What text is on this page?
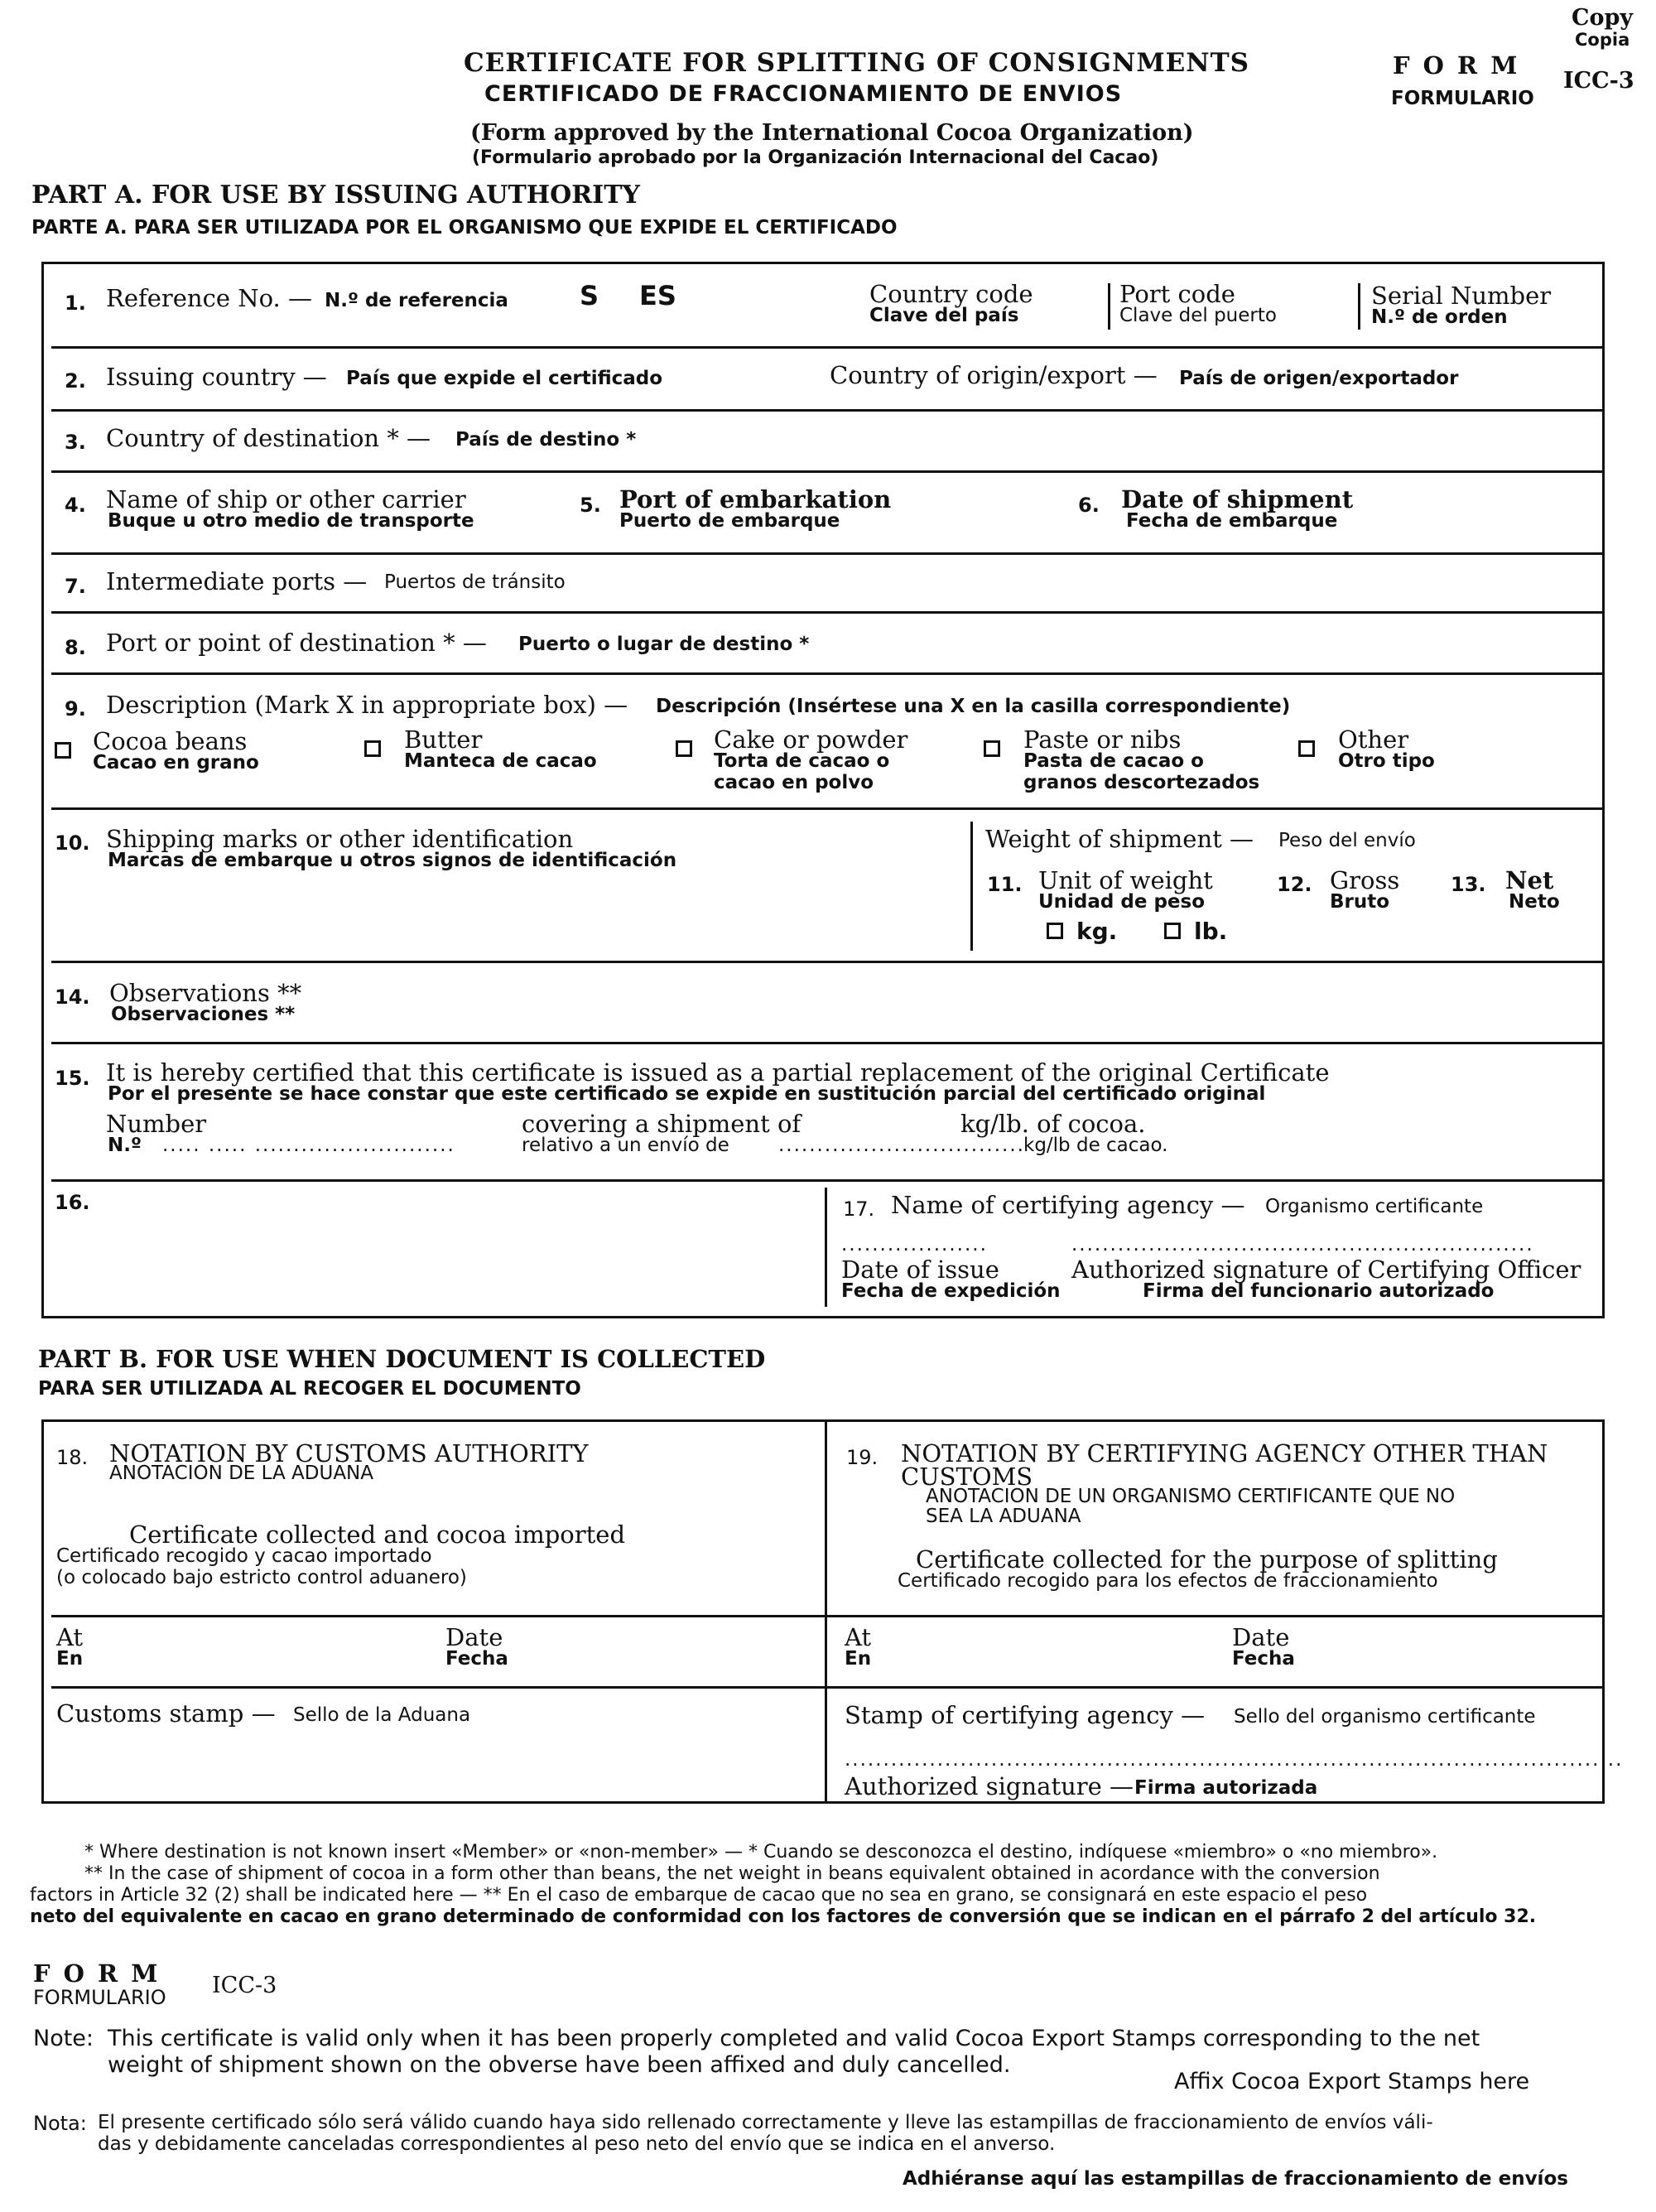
CERTIFICATE FOR SPLITTING OF CONSIGNMENTS
CERTIFICADO DE FRACCIONAMIENTO DE ENVIOS
(Form approved by the International Cocoa Organization)
(Formulario aprobado por la Organización Internacional del Cacao)
F O R M
FORMULARIO
ICC-3
Copy
Copia
PART A. FOR USE BY ISSUING AUTHORITY
PARTE A. PARA SER UTILIZADA POR EL ORGANISMO QUE EXPIDE EL CERTIFICADO
1. Reference No. — N.º de referencia	S ES	Country code
Clave del país
Port code
Clave del puerto
Serial Number
N.º de orden
2. Issuing country — País que expide el certificado	Country of origin/export — País de origen/exportador
3. Country of destination * — País de destino *
4. Name of ship or other carrier
Buque u otro medio de transporte
5. Port of embarkation
Puerto de embarque
6. Date of shipment
Fecha de embarque
7. Intermediate ports — Puertos de tránsito
8. Port or point of destination * — Puerto o lugar de destino *
9. Description (Mark X in appropriate box) — Descripción (Insértese una X en la casilla correspondiente)
Cocoa beans
Cacao en grano
Butter
Manteca de cacao
Cake or powder
Torta de cacao o
cacao en polvo
Paste or nibs
Pasta de cacao o
granos descortezados
Other
Otro tipo
10. Shipping marks or other identification
Marcas de embarque u otros signos de identificación
Weight of shipment — Peso del envío
11. Unit of weight
Unidad de peso
12. Gross
Bruto
13. Net
Neto
kg.	lb.
14. Observations **
Observaciones **
15. It is hereby certified that this certificate is issued as a partial replacement of the original Certificate
Por el presente se hace constar que este certificado se expide en sustitución parcial del certificado original
Number
N.º ..... ..... ..........................
covering a shipment of
relativo a un envío de	................................
kg/lb. of cocoa.
kg/lb de cacao.
16.	17. Name of certifying agency — Organismo certificante
...................	............................................................
Date of issue
Fecha de expedición
Authorized signature of Certifying Officer
Firma del funcionario autorizado
PART B. FOR USE WHEN DOCUMENT IS COLLECTED
PARA SER UTILIZADA AL RECOGER EL DOCUMENTO
18. NOTATION BY CUSTOMS AUTHORITY
ANOTACION DE LA ADUANA
Certificate collected and cocoa imported
Certificado recogido y cacao importado
(o colocado bajo estricto control aduanero)
At
En
Date
Fecha
Customs stamp — Sello de la Aduana
19. NOTATION BY CERTIFYING AGENCY OTHER THAN
CUSTOMS
ANOTACION DE UN ORGANISMO CERTIFICANTE QUE NO
SEA LA ADUANA
Certificate collected for the purpose of splitting
Certificado recogido para los efectos de fraccionamiento
At
En
Date
Fecha
Stamp of certifying agency — Sello del organismo certificante
.....................................................................................................
Authorized signature — Firma autorizada
* Where destination is not known insert «Member» or «non-member» — * Cuando se desconozca el destino, indíquese «miembro» o «no miembro».
** In the case of shipment of cocoa in a form other than beans, the net weight in beans equivalent obtained in acordance with the conversion
factors in Article 32 (2) shall be indicated here — ** En el caso de embarque de cacao que no sea en grano, se consignará en este espacio el peso
neto del equivalente en cacao en grano determinado de conformidad con los factores de conversión que se indican en el párrafo 2 del artículo 32.
F O R M
FORMULARIO ICC-3
Note: This certificate is valid only when it has been properly completed and valid Cocoa Export Stamps corresponding to the net
weight of shipment shown on the obverse have been affixed and duly cancelled.
Affix Cocoa Export Stamps here
Nota: El presente certificado sólo será válido cuando haya sido rellenado correctamente y lleve las estampillas de fraccionamiento de envíos váli-
das y debidamente canceladas correspondientes al peso neto del envío que se indica en el anverso.
Adhiéranse aquí las estampillas de fraccionamiento de envíos
